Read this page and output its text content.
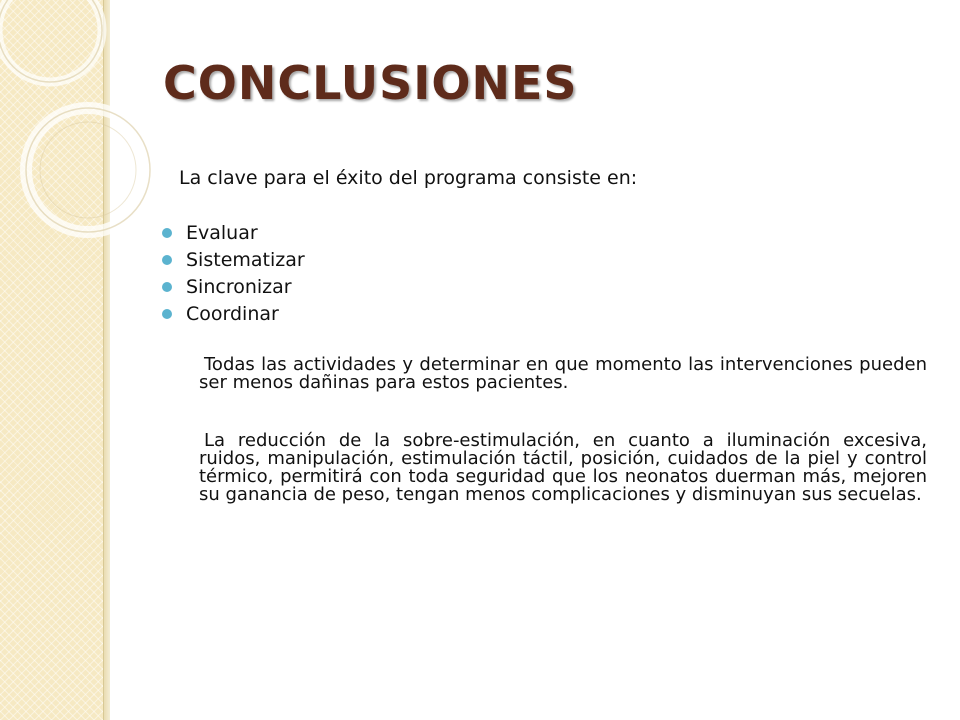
CONCLUSIONES

La clave para el éxito del programa consiste en:

Evaluar
Sistematizar
Sincronizar
Coordinar

Todas las actividades y determinar en que momento las intervenciones pueden ser menos dañinas para estos pacientes.

La reducción de la sobre-estimulación, en cuanto a iluminación excesiva, ruidos, manipulación, estimulación táctil, posición, cuidados de la piel y control térmico, permitirá con toda seguridad que los neonatos duerman más, mejoren su ganancia de peso, tengan menos complicaciones y disminuyan sus secuelas.
